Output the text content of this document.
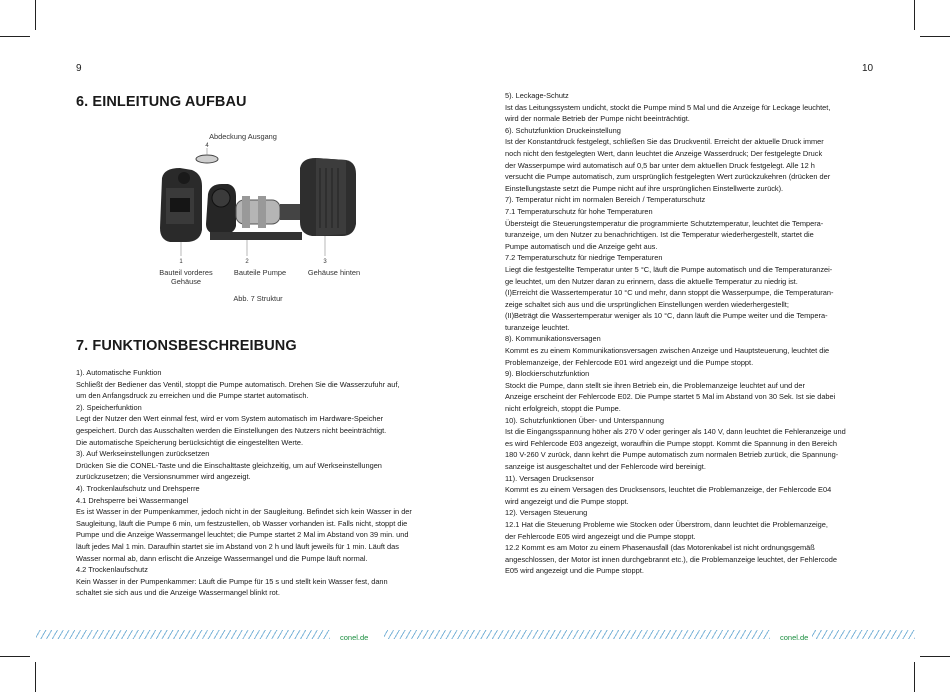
9	10
6. EINLEITUNG AUFBAU
Abdeckung Ausgang
4
1	2	3
Bauteil vorderes
Gehäuse
Bauteile Pumpe	Gehäuse hinten
Abb. 7 Struktur
7. FUNKTIONSBESCHREIBUNG
1). Automatische Funktion
Schließt der Bediener das Ventil, stoppt die Pumpe automatisch. Drehen Sie die Wasserzufuhr auf,
um den Anfangsdruck zu erreichen und die Pumpe startet automatisch.
2). Speicherfunktion
Legt der Nutzer den Wert einmal fest, wird er vom System automatisch im Hardware-Speicher
gespeichert. Durch das Ausschalten werden die Einstellungen des Nutzers nicht beeinträchtigt.
Die automatische Speicherung berücksichtigt die eingestellten Werte.
3). Auf Werkseinstellungen zurücksetzen
Drücken Sie die CONEL-Taste und die Einschalttaste gleichzeitig, um auf Werkseinstellungen
zurückzusetzen; die Versionsnummer wird angezeigt.
4). Trockenlaufschutz und Drehsperre
4.1 Drehsperre bei Wassermangel
Es ist Wasser in der Pumpenkammer, jedoch nicht in der Saugleitung. Befindet sich kein Wasser in der
Saugleitung, läuft die Pumpe 6 min, um festzustellen, ob Wasser vorhanden ist. Falls nicht, stoppt die
Pumpe und die Anzeige Wassermangel leuchtet; die Pumpe startet 2 Mal im Abstand von 39 min. und
läuft jedes Mal 1 min. Daraufhin startet sie im Abstand von 2 h und läuft jeweils für 1 min. Läuft das
Wasser normal ab, dann erlischt die Anzeige Wassermangel und die Pumpe läuft normal.
4.2 Trockenlaufschutz
Kein Wasser in der Pumpenkammer: Läuft die Pumpe für 15 s und stellt kein Wasser fest, dann
schaltet sie sich aus und die Anzeige Wassermangel blinkt rot.
5). Leckage-Schutz
Ist das Leitungssystem undicht, stockt die Pumpe mind 5 Mal und die Anzeige für Leckage leuchtet,
wird der normale Betrieb der Pumpe nicht beeinträchtigt.
6). Schutzfunktion Druckeinstellung
Ist der Konstantdruck festgelegt, schließen Sie das Druckventil. Erreicht der aktuelle Druck immer
noch nicht den festgelegten Wert, dann leuchtet die Anzeige Wasserdruck; Der festgelegte Druck
der Wasserpumpe wird automatisch auf 0,5 bar unter dem aktuellen Druck festgelegt. Alle 12 h
versucht die Pumpe automatisch, zum ursprünglich festgelegten Wert zurückzukehren (drücken der
Einstellungstaste setzt die Pumpe nicht auf ihre ursprünglichen Einstellwerte zurück).
7). Temperatur nicht im normalen Bereich / Temperaturschutz
7.1 Temperaturschutz für hohe Temperaturen
Übersteigt die Steuerungstemperatur die programmierte Schutztemperatur, leuchtet die Tempera-
turanzeige, um den Nutzer zu benachrichtigen. Ist die Temperatur wiederhergestellt, startet die
Pumpe automatisch und die Anzeige geht aus.
7.2 Temperaturschutz für niedrige Temperaturen
Liegt die festgestellte Temperatur unter 5 °C, läuft die Pumpe automatisch und die Temperaturanzei-
ge leuchtet, um den Nutzer daran zu erinnern, dass die aktuelle Temperatur zu niedrig ist.
(I)Erreicht die Wassertemperatur 10 °C und mehr, dann stoppt die Wasserpumpe, die Temperaturan-
zeige schaltet sich aus und die ursprünglichen Einstellungen werden wiederhergestellt;
(II)Beträgt die Wassertemperatur weniger als 10 °C, dann läuft die Pumpe weiter und die Tempera-
turanzeige leuchtet.
8). Kommunikationsversagen
Kommt es zu einem Kommunikationsversagen zwischen Anzeige und Hauptsteuerung, leuchtet die
Problemanzeige, der Fehlercode E01 wird angezeigt und die Pumpe stoppt.
9). Blockierschutzfunktion
Stockt die Pumpe, dann stellt sie ihren Betrieb ein, die Problemanzeige leuchtet auf und der
Anzeige erscheint der Fehlercode E02. Die Pumpe startet 5 Mal im Abstand von 30 Sek. Ist sie dabei
nicht erfolgreich, stoppt die Pumpe.
10). Schutzfunktionen Über- und Unterspannung
Ist die Eingangsspannung höher als 270 V oder geringer als 140 V, dann leuchtet die Fehleranzeige und
es wird Fehlercode E03 angezeigt, woraufhin die Pumpe stoppt. Kommt die Spannung in den Bereich
180 V-260 V zurück, dann kehrt die Pumpe automatisch zum normalen Betrieb zurück, die Spannung-
sanzeige ist ausgeschaltet und der Fehlercode wird bereinigt.
11). Versagen Drucksensor
Kommt es zu einem Versagen des Drucksensors, leuchtet die Problemanzeige, der Fehlercode E04
wird angezeigt und die Pumpe stoppt.
12). Versagen Steuerung
12.1 Hat die Steuerung Probleme wie Stocken oder Überstrom, dann leuchtet die Problemanzeige,
der Fehlercode E05 wird angezeigt und die Pumpe stoppt.
12.2 Kommt es am Motor zu einem Phasenausfall (das Motorenkabel ist nicht ordnungsgemäß
angeschlossen, der Motor ist innen durchgebrannt etc.), die Problemanzeige leuchtet, der Fehlercode
E05 wird angezeigt und die Pumpe stoppt.
conel.de	conel.de
